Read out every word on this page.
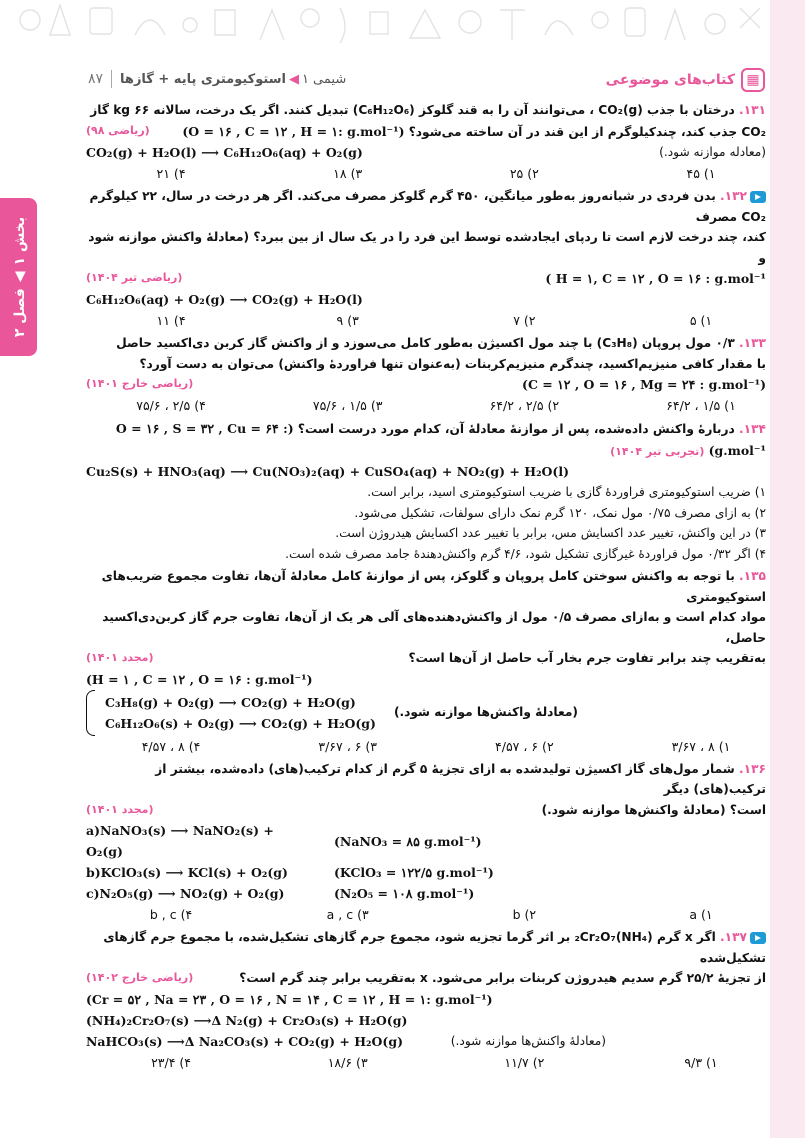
بخش ۱
◀
فصل ۲
▦
کتاب‌های موضوعی
شیمی ۱◀استوکیومتری پایه + گازها
۸۷
۱۳۱. درختان با جذب CO₂(g) ، می‌توانند آن را به قند گلوکز (C₆H₁₂O₆) تبدیل کنند. اگر یک درخت، سالانه ۶۶ kg گاز
CO₂ جذب کند، چندکیلوگرم از این قند در آن ساخته می‌شود؟ (O = ۱۶ , C = ۱۲ , H = ۱: g.mol⁻¹)
(ریاضی ۹۸)
(معادله موازنه شود.)
CO₂(g) + H₂O(l) ⟶ C₆H₁₂O₆(aq) + O₂(g)
۱) ۴۵
۲) ۲۵
۳) ۱۸
۴) ۲۱
۱۳۲. بدن فردی در شبانه‌روز به‌طور میانگین، ۴۵۰ گرم گلوکز مصرف می‌کند. اگر هر درخت در سال، ۲۲ کیلوگرم CO₂ مصرف
کند، چند درخت لازم است تا ردپای ایجادشده توسط این فرد را در یک سال از بین ببرد؟ (معادلهٔ واکنش موازنه شود و
( H = ۱, C = ۱۲ , O = ۱۶ : g.mol⁻¹
(ریاضی تیر ۱۴۰۴)
C₆H₁₂O₆(aq) + O₂(g) ⟶ CO₂(g) + H₂O(l)
۱) ۵
۲) ۷
۳) ۹
۴) ۱۱
۱۳۳. ۰/۳ مول پروپان (C₃H₈) با چند مول اکسیژن به‌طور کامل می‌سوزد و از واکنش گاز کربن دی‌اکسید حاصل
با مقدار کافی منیزیم‌اکسید، چندگرم منیزیم‌کربنات (به‌عنوان تنها فراوردهٔ واکنش) می‌توان به دست آورد؟
(C = ۱۲ , O = ۱۶ , Mg = ۲۴ : g.mol⁻¹)
(ریاضی خارج ۱۴۰۱)
۱) ۱/۵ ، ۶۴/۲
۲) ۲/۵ ، ۶۴/۲
۳) ۱/۵ ، ۷۵/۶
۴) ۲/۵ ، ۷۵/۶
۱۳۴. دربارهٔ واکنش داده‌شده، پس از موازنهٔ معادلهٔ آن، کدام مورد درست است؟ (O = ۱۶ , S = ۳۲ , Cu = ۶۴ : g.mol⁻¹) (تجربی تیر ۱۴۰۴)
Cu₂S(s) + HNO₃(aq) ⟶ Cu(NO₃)₂(aq) + CuSO₄(aq) + NO₂(g) + H₂O(l)
۱) ضریب استوکیومتری فراوردهٔ گازی با ضریب استوکیومتری اسید، برابر است.
۲) به ازای مصرف ۰/۷۵ مول نمک، ۱۲۰ گرم نمک دارای سولفات، تشکیل می‌شود.
۳) در این واکنش، تغییر عدد اکسایش مس، برابر با تغییر عدد اکسایش هیدروژن است.
۴) اگر ۰/۳۲ مول فراوردهٔ غیرگازی تشکیل شود، ۴/۶ گرم واکنش‌دهندهٔ جامد مصرف شده است.
۱۳۵. با توجه به واکنش سوختن کامل پروپان و گلوکز، پس از موازنهٔ کامل معادلهٔ آن‌ها، تفاوت مجموع ضریب‌های استوکیومتری
مواد کدام است و به‌ازای مصرف ۰/۵ مول از واکنش‌دهنده‌های آلی هر یک از آن‌ها، تفاوت جرم گاز کربن‌دی‌اکسید حاصل،
به‌تقریب چند برابر تفاوت جرم بخار آب حاصل از آن‌ها است؟
(مجدد ۱۴۰۱)
(H = ۱ , C = ۱۲ , O = ۱۶ : g.mol⁻¹)
C₃H₈(g) + O₂(g) ⟶ CO₂(g) + H₂O(g)
C₆H₁₂O₆(s) + O₂(g) ⟶ CO₂(g) + H₂O(g)
(معادلهٔ واکنش‌ها موازنه شود.)
۱) ۸ ، ۳/۶۷
۲) ۶ ، ۴/۵۷
۳) ۶ ، ۳/۶۷
۴) ۸ ، ۴/۵۷
۱۳۶. شمار مول‌های گاز اکسیژن تولیدشده به ازای تجزیهٔ ۵ گرم از کدام ترکیب(های) داده‌شده، بیشتر از ترکیب(های) دیگر
است؟ (معادلهٔ واکنش‌ها موازنه شود.)
(مجدد ۱۴۰۱)
a)NaNO₃(s) ⟶ NaNO₂(s) + O₂(g)
(NaNO₃ = ۸۵ g.mol⁻¹)
b)KClO₃(s) ⟶ KCl(s) + O₂(g)	(KClO₃ = ۱۲۲/۵ g.mol⁻¹)
c)N₂O₅(g) ⟶ NO₂(g) + O₂(g)	(N₂O₅ = ۱۰۸ g.mol⁻¹)
۱) a
۲) b
۳) a , c
۴) b , c
۱۳۷. اگر x گرم (NH₄)₂Cr₂O₇ بر اثر گرما تجزیه شود، مجموع جرم گازهای تشکیل‌شده، با مجموع جرم گازهای تشکیل‌شده
از تجزیهٔ ۲۵/۲ گرم سدیم هیدروژن کربنات برابر می‌شود. x به‌تقریب برابر چند گرم است؟
(ریاضی خارج ۱۴۰۲)
(Cr = ۵۲ , Na = ۲۳ , O = ۱۶ , N = ۱۴ , C = ۱۲ , H = ۱: g.mol⁻¹)
(NH₄)₂Cr₂O₇(s) ⟶Δ N₂(g) + Cr₂O₃(s) + H₂O(g)
NaHCO₃(s) ⟶Δ Na₂CO₃(s) + CO₂(g) + H₂O(g)	(معادلهٔ واکنش‌ها موازنه شود.)
۱) ۹/۳
۲) ۱۱/۷
۳) ۱۸/۶
۴) ۲۳/۴
